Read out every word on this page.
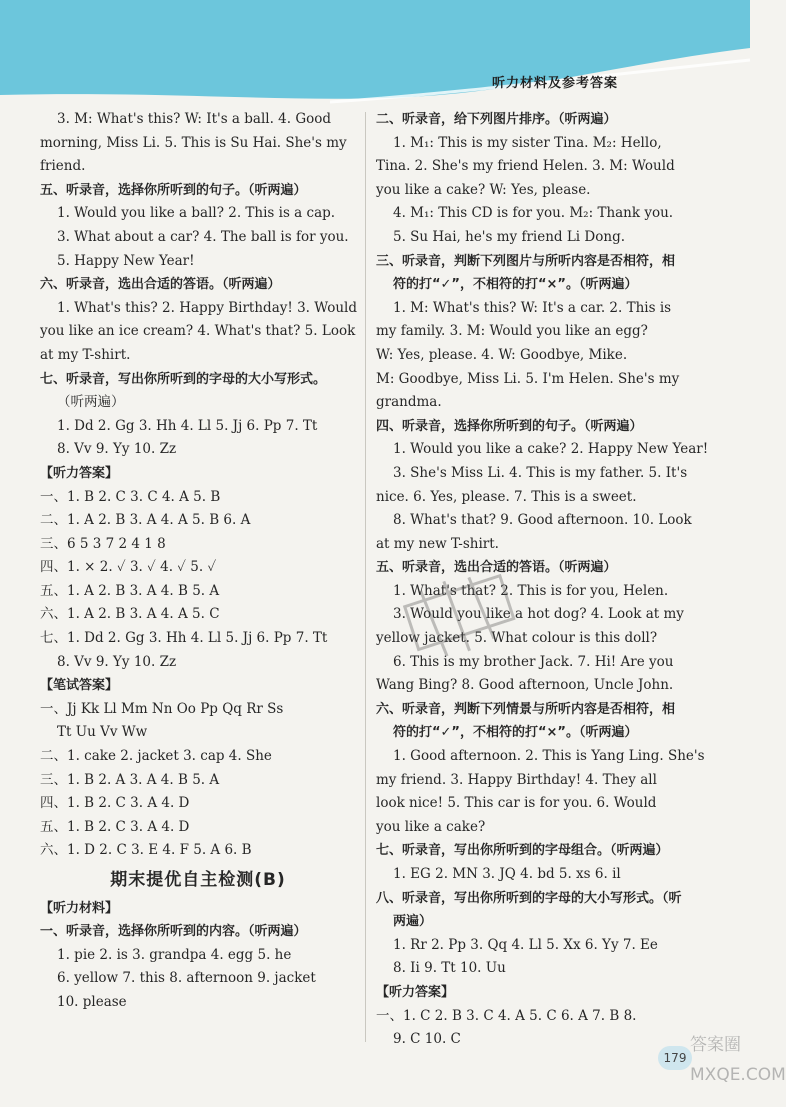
听力材料及参考答案
3. M: What's this? W: It's a ball. 4. Good
morning, Miss Li. 5. This is Su Hai. She's my
friend.
五、听录音，选择你所听到的句子。（听两遍）
1. Would you like a ball? 2. This is a cap.
3. What about a car? 4. The ball is for you.
5. Happy New Year!
六、听录音，选出合适的答语。（听两遍）
1. What's this? 2. Happy Birthday! 3. Would
you like an ice cream? 4. What's that? 5. Look
at my T-shirt.
七、听录音，写出你所听到的字母的大小写形式。
（听两遍）
1. Dd 2. Gg 3. Hh 4. Ll 5. Jj 6. Pp 7. Tt
8. Vv 9. Yy 10. Zz
【听力答案】
一、1. B 2. C 3. C 4. A 5. B
二、1. A 2. B 3. A 4. A 5. B 6. A
三、6 5 3 7 2 4 1 8
四、1. × 2. ✓ 3. ✓ 4. ✓ 5. ✓
五、1. A 2. B 3. A 4. B 5. A
六、1. A 2. B 3. A 4. A 5. C
七、1. Dd 2. Gg 3. Hh 4. Ll 5. Jj 6. Pp 7. Tt
8. Vv 9. Yy 10. Zz
【笔试答案】
一、Jj Kk Ll Mm Nn Oo Pp Qq Rr Ss
Tt Uu Vv Ww
二、1. cake 2. jacket 3. cap 4. She
三、1. B 2. A 3. A 4. B 5. A
四、1. B 2. C 3. A 4. D
五、1. B 2. C 3. A 4. D
六、1. D 2. C 3. E 4. F 5. A 6. B
期末提优自主检测(B)
【听力材料】
一、听录音，选择你所听到的内容。（听两遍）
1. pie 2. is 3. grandpa 4. egg 5. he
6. yellow 7. this 8. afternoon 9. jacket
10. please
二、听录音，给下列图片排序。（听两遍）
1. M₁: This is my sister Tina. M₂: Hello,
Tina. 2. She's my friend Helen. 3. M: Would
you like a cake? W: Yes, please.
4. M₁: This CD is for you. M₂: Thank you.
5. Su Hai, he's my friend Li Dong.
三、听录音，判断下列图片与所听内容是否相符，相
符的打“✓”，不相符的打“×”。（听两遍）
1. M: What's this? W: It's a car. 2. This is
my family. 3. M: Would you like an egg?
W: Yes, please. 4. W: Goodbye, Mike.
M: Goodbye, Miss Li. 5. I'm Helen. She's my
grandma.
四、听录音，选择你所听到的句子。（听两遍）
1. Would you like a cake? 2. Happy New Year!
3. She's Miss Li. 4. This is my father. 5. It's
nice. 6. Yes, please. 7. This is a sweet.
8. What's that? 9. Good afternoon. 10. Look
at my new T-shirt.
五、听录音，选出合适的答语。（听两遍）
1. What's that? 2. This is for you, Helen.
3. Would you like a hot dog? 4. Look at my
yellow jacket. 5. What colour is this doll?
6. This is my brother Jack. 7. Hi! Are you
Wang Bing? 8. Good afternoon, Uncle John.
六、听录音，判断下列情景与所听内容是否相符，相
符的打“✓”，不相符的打“×”。（听两遍）
1. Good afternoon. 2. This is Yang Ling. She's
my friend. 3. Happy Birthday! 4. They all
look nice! 5. This car is for you. 6. Would
you like a cake?
七、听录音，写出你所听到的字母组合。（听两遍）
1. EG 2. MN 3. JQ 4. bd 5. xs 6. il
八、听录音，写出你所听到的字母的大小写形式。（听
两遍）
1. Rr 2. Pp 3. Qq 4. Ll 5. Xx 6. Yy 7. Ee
8. Ii 9. Tt 10. Uu
【听力答案】
一、1. C 2. B 3. C 4. A 5. C 6. A 7. B 8.
9. C 10. C
179
答案圈 MXQE.COM
